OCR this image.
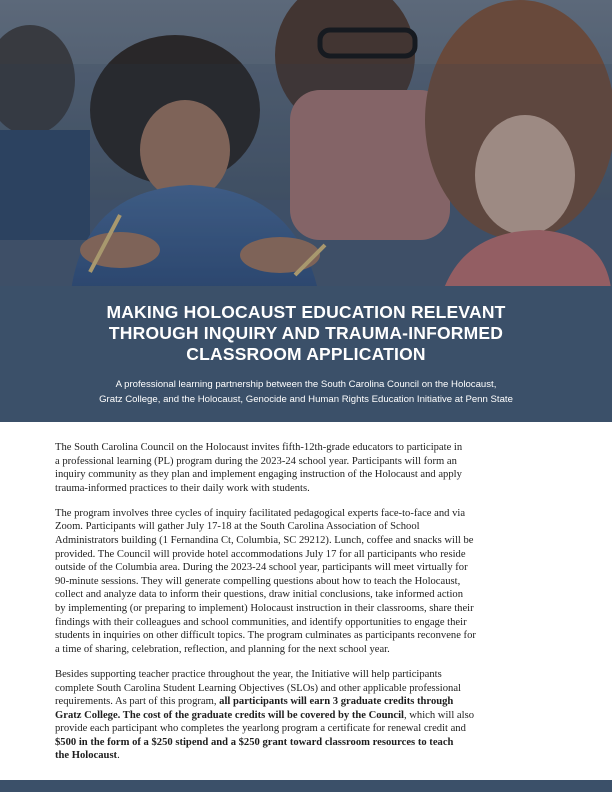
MAKING HOLOCAUST EDUCATION RELEVANT
THROUGH INQUIRY AND TRAUMA-INFORMED
CLASSROOM APPLICATION
A professional learning partnership between the South Carolina Council on the Holocaust,
Gratz College, and the Holocaust, Genocide and Human Rights Education Initiative at Penn State

The South Carolina Council on the Holocaust invites fifth-12th-grade educators to participate in
a professional learning (PL) program during the 2023-24 school year. Participants will form an
inquiry community as they plan and implement engaging instruction of the Holocaust and apply
trauma-informed practices to their daily work with students.

The program involves three cycles of inquiry facilitated pedagogical experts face-to-face and via
Zoom. Participants will gather July 17-18 at the South Carolina Association of School
Administrators building (1 Fernandina Ct, Columbia, SC 29212). Lunch, coffee and snacks will be
provided. The Council will provide hotel accommodations July 17 for all participants who reside
outside of the Columbia area. During the 2023-24 school year, participants will meet virtually for
90-minute sessions. They will generate compelling questions about how to teach the Holocaust,
collect and analyze data to inform their questions, draw initial conclusions, take informed action
by implementing (or preparing to implement) Holocaust instruction in their classrooms, share their
findings with their colleagues and school communities, and identify opportunities to engage their
students in inquiries on other difficult topics. The program culminates as participants reconvene for
a time of sharing, celebration, reflection, and planning for the next school year.

Besides supporting teacher practice throughout the year, the Initiative will help participants
complete South Carolina Student Learning Objectives (SLOs) and other applicable professional
requirements. As part of this program, all participants will earn 3 graduate credits through
Gratz College. The cost of the graduate credits will be covered by the Council, which will also
provide each participant who completes the yearlong program a certificate for renewal credit and
$500 in the form of a $250 stipend and a $250 grant toward classroom resources to teach
the Holocaust.
